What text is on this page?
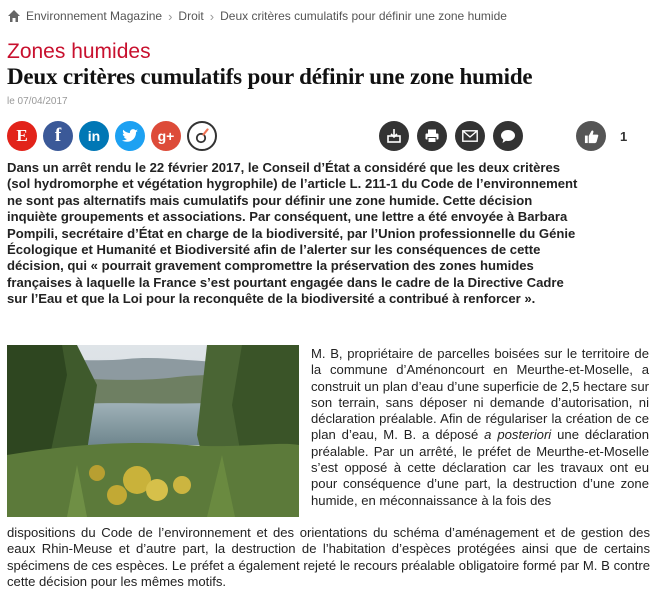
Environnement Magazine › Droit › Deux critères cumulatifs pour définir une zone humide
Zones humides
Deux critères cumulatifs pour définir une zone humide
le 07/04/2017
E f in	g+	1

Dans un arrêt rendu le 22 février 2017, le Conseil d’État a considéré que les deux critères
(sol hydromorphe et végétation hygrophile) de l’article L. 211-1 du Code de l’environnement
ne sont pas alternatifs mais cumulatifs pour définir une zone humide. Cette décision
inquiète groupements et associations. Par conséquent, une lettre a été envoyée à Barbara
Pompili, secrétaire d’État en charge de la biodiversité, par l’Union professionnelle du Génie
Écologique et Humanité et Biodiversité afin de l’alerter sur les conséquences de cette
décision, qui « pourrait gravement compromettre la préservation des zones humides
françaises à laquelle la France s’est pourtant engagée dans le cadre de la Directive Cadre
sur l’Eau et que la Loi pour la reconquête de la biodiversité a contribué à renforcer ».

M. B, propriétaire de parcelles boisées sur le territoire de la commune d’Aménoncourt en Meurthe-et-Moselle, a construit un plan d’eau d’une superficie de 2,5 hectare sur son terrain, sans déposer ni demande d’autorisation, ni déclaration préalable. Afin de régulariser la création de ce plan d’eau, M. B. a déposé a posteriori une déclaration préalable. Par un arrêté, le préfet de Meurthe-et-Moselle s’est opposé à cette déclaration car les travaux ont eu pour conséquence d’une part, la destruction d’une zone humide, en méconnaissance à la fois des

dispositions du Code de l’environnement et des orientations du schéma d’aménagement et de gestion des eaux Rhin-Meuse et d’autre part, la destruction de l’habitation d’espèces protégées ainsi que de certains spécimens de ces espèces. Le préfet a également rejeté le recours préalable obligatoire formé par M. B contre cette décision pour les mêmes motifs.
